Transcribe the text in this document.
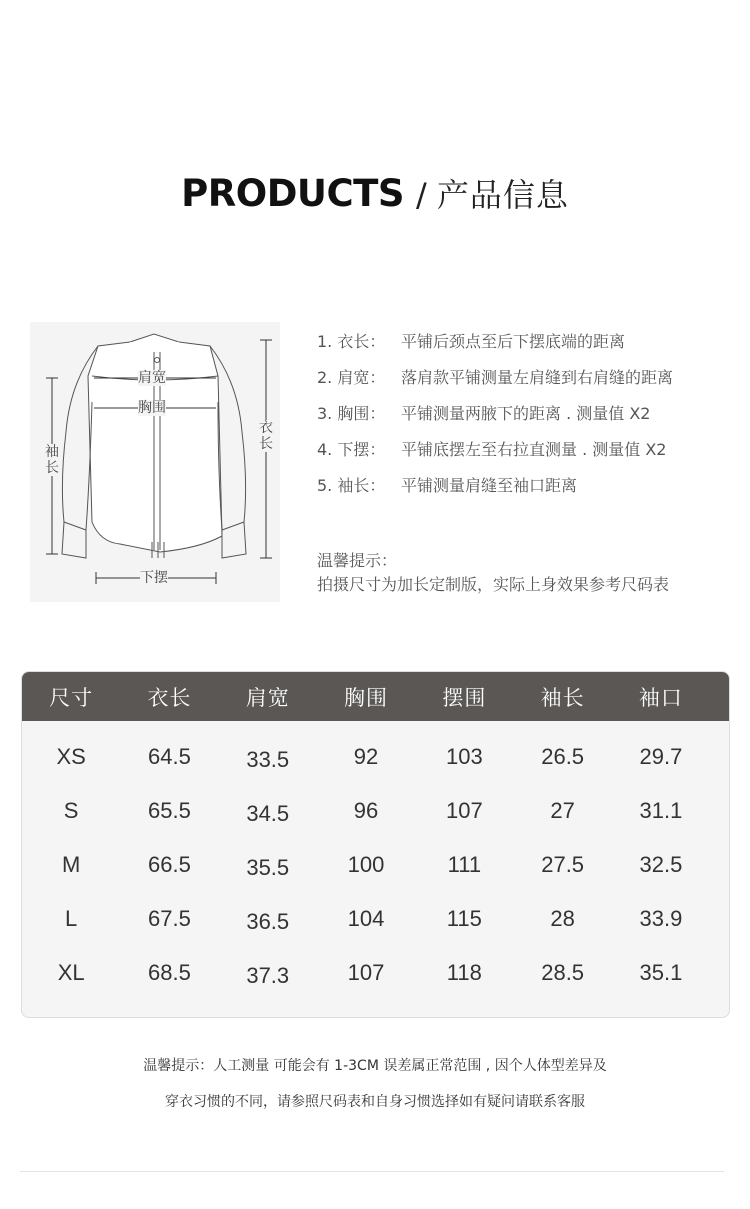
PRODUCTS / 产品信息
肩宽
胸围
下摆
衣
长
袖
长
1. 衣长： 平铺后颈点至后下摆底端的距离
2. 肩宽： 落肩款平铺测量左肩缝到右肩缝的距离
3. 胸围： 平铺测量两腋下的距离 . 测量值 X2
4. 下摆： 平铺底摆左至右拉直测量 . 测量值 X2
5. 袖长： 平铺测量肩缝至袖口距离
温馨提示：
拍摄尺寸为加长定制版，实际上身效果参考尺码表
尺寸	衣长	肩宽	胸围	摆围	袖长	袖口
XS	64.5	33.5	92	103	26.5	29.7
S	65.5	34.5	96	107	27	31.1
M	66.5	35.5	100	111	27.5	32.5
L	67.5	36.5	104	115	28	33.9
XL	68.5	37.3	107	118	28.5	35.1
温馨提示：人工测量 可能会有 1-3CM 误差属正常范围 , 因个人体型差异及
穿衣习惯的不同，请参照尺码表和自身习惯选择如有疑问请联系客服
